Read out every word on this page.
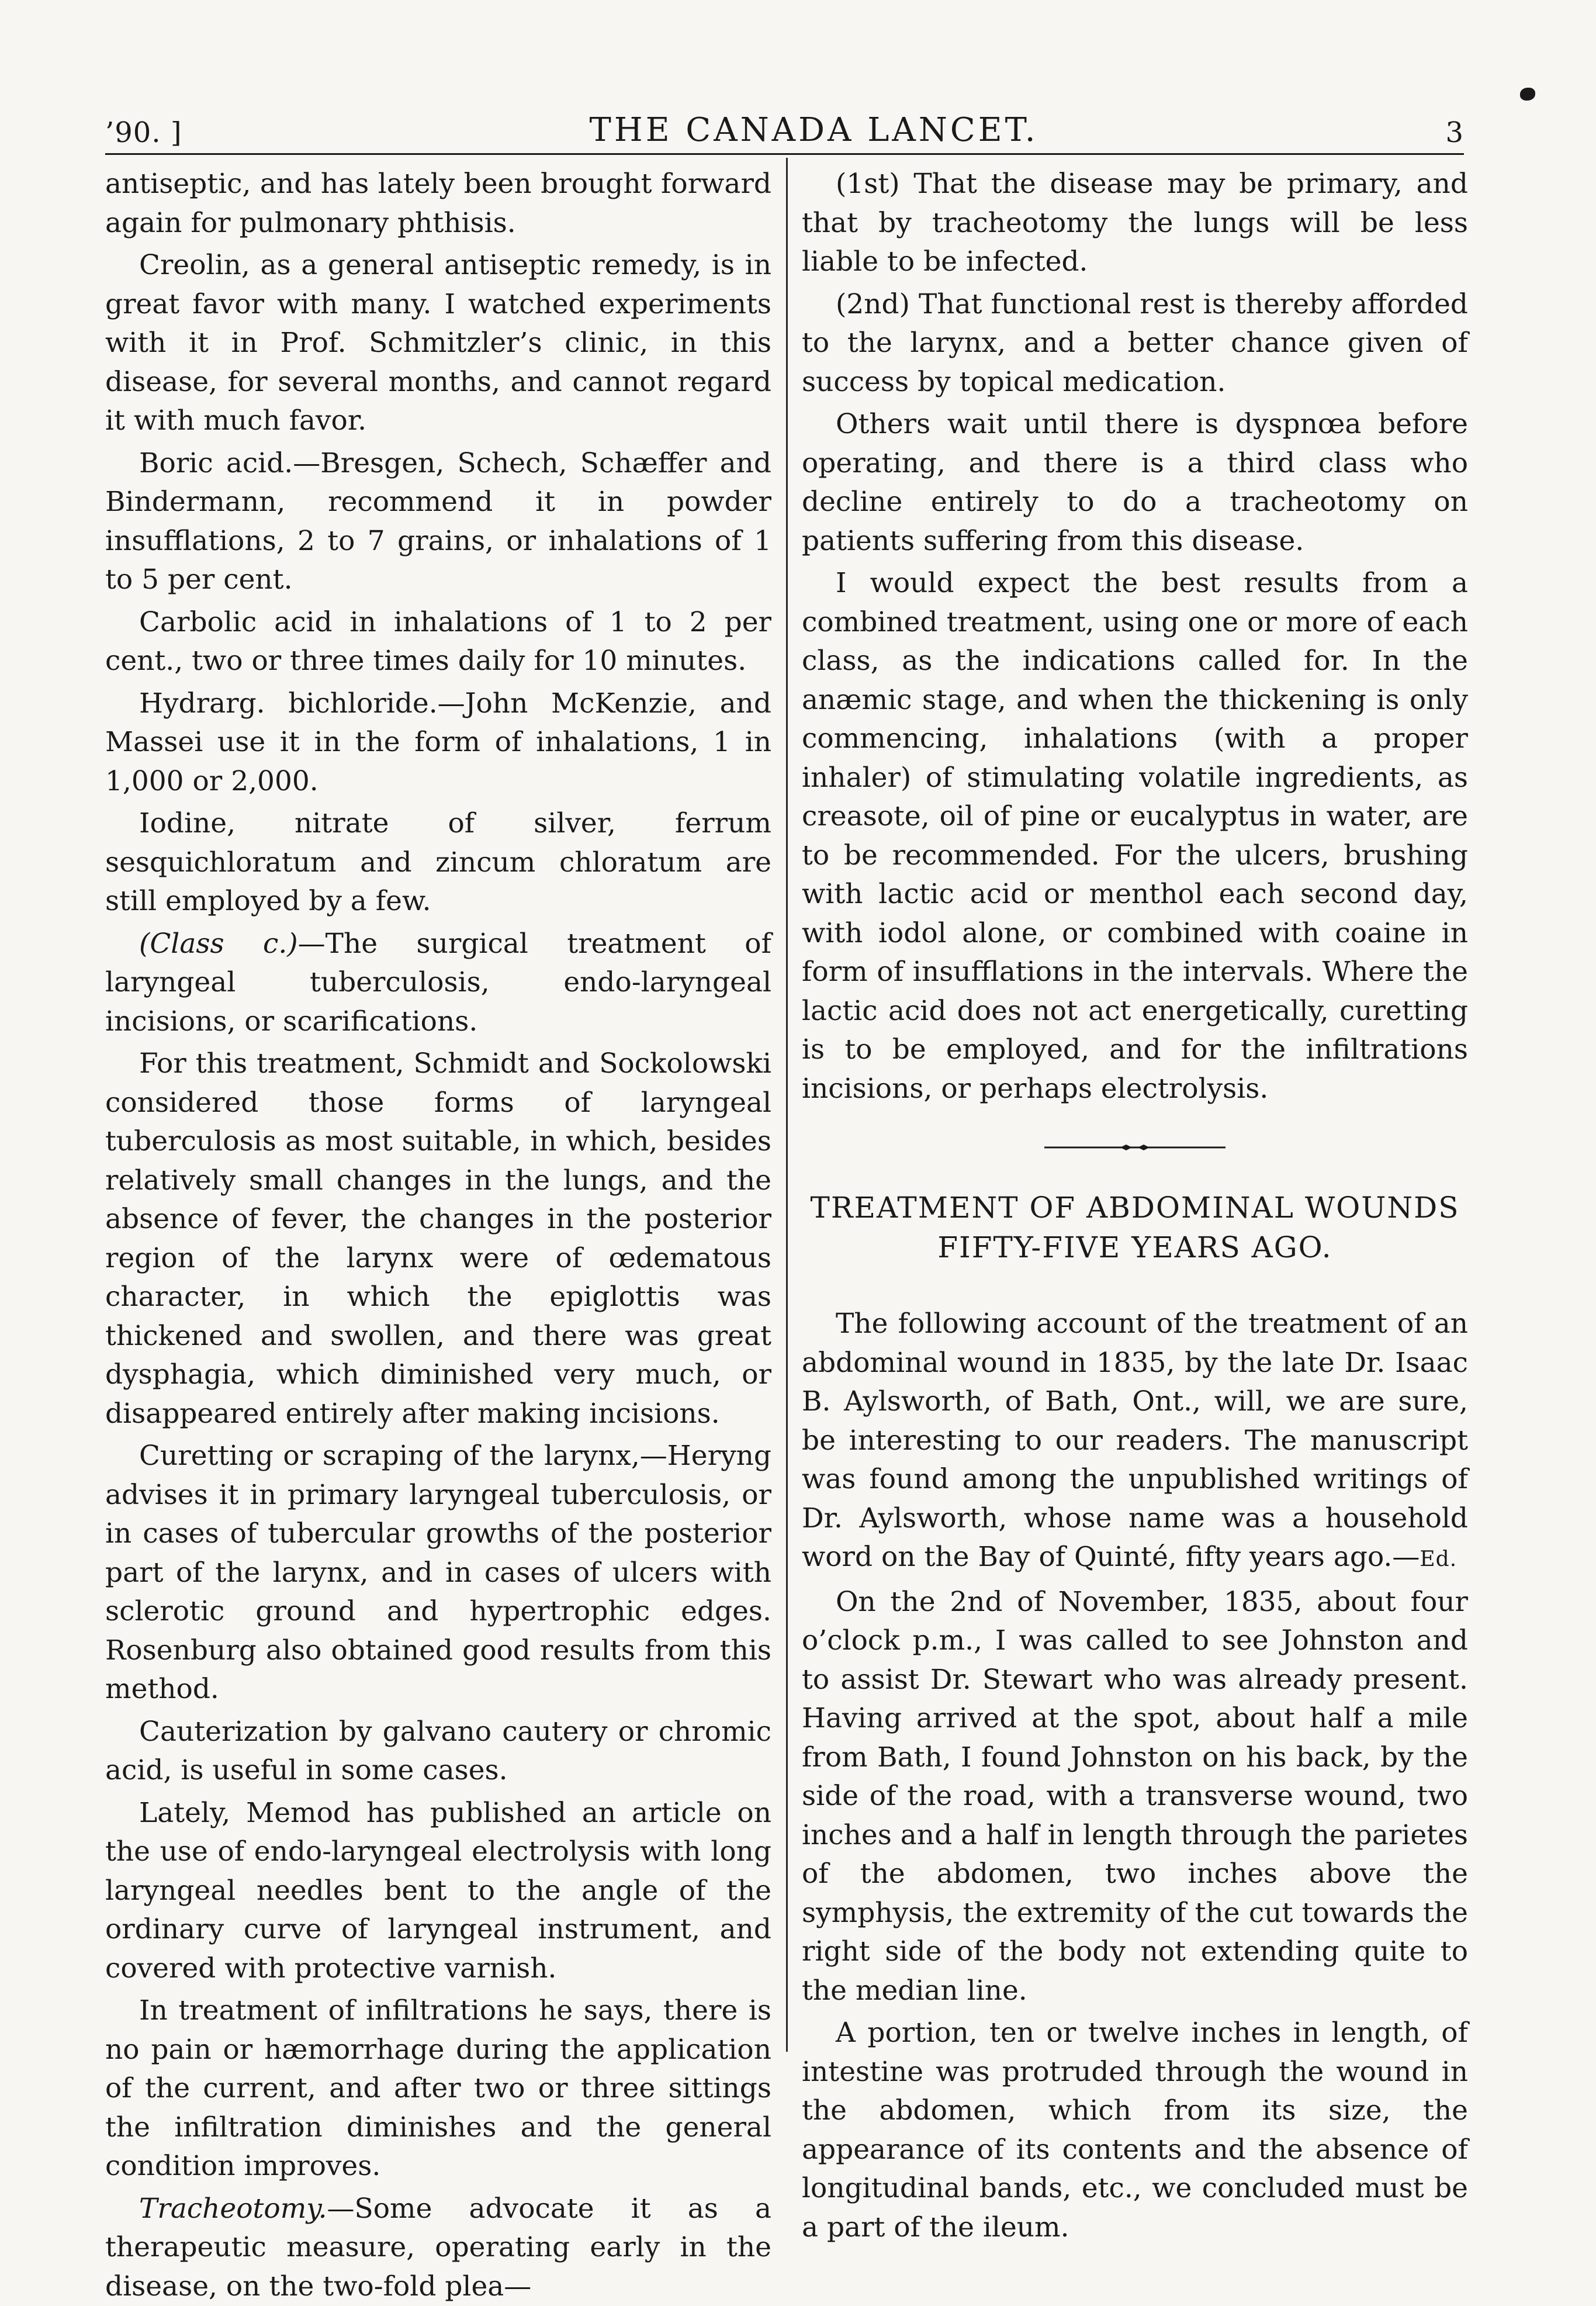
’90. ]	THE CANADA LANCET.	3

antiseptic, and has lately been brought forward again for pulmonary phthisis.

Creolin, as a general antiseptic remedy, is in great favor with many. I watched experiments with it in Prof. Schmitzler’s clinic, in this disease, for several months, and cannot regard it with much favor.

Boric acid.—Bresgen, Schech, Schæffer and Bindermann, recommend it in powder insufflations, 2 to 7 grains, or inhalations of 1 to 5 per cent.

Carbolic acid in inhalations of 1 to 2 per cent., two or three times daily for 10 minutes.

Hydrarg. bichloride.—John McKenzie, and Massei use it in the form of inhalations, 1 in 1,000 or 2,000.

Iodine, nitrate of silver, ferrum sesquichloratum and zincum chloratum are still employed by a few.

(Class c.)—The surgical treatment of laryngeal tuberculosis, endo-laryngeal incisions, or scarifications.

For this treatment, Schmidt and Sockolowski considered those forms of laryngeal tuberculosis as most suitable, in which, besides relatively small changes in the lungs, and the absence of fever, the changes in the posterior region of the larynx were of œdematous character, in which the epiglottis was thickened and swollen, and there was great dysphagia, which diminished very much, or disappeared entirely after making incisions.

Curetting or scraping of the larynx,—Heryng advises it in primary laryngeal tuberculosis, or in cases of tubercular growths of the posterior part of the larynx, and in cases of ulcers with sclerotic ground and hypertrophic edges. Rosenburg also obtained good results from this method.

Cauterization by galvano cautery or chromic acid, is useful in some cases.

Lately, Memod has published an article on the use of endo-laryngeal electrolysis with long laryngeal needles bent to the angle of the ordinary curve of laryngeal instrument, and covered with protective varnish.

In treatment of infiltrations he says, there is no pain or hæmorrhage during the application of the current, and after two or three sittings the infiltration diminishes and the general condition improves.

Tracheotomy.—Some advocate it as a therapeutic measure, operating early in the disease, on the two-fold plea—

(1st) That the disease may be primary, and that by tracheotomy the lungs will be less liable to be infected.

(2nd) That functional rest is thereby afforded to the larynx, and a better chance given of success by topical medication.

Others wait until there is dyspnœa before operating, and there is a third class who decline entirely to do a tracheotomy on patients suffering from this disease.

I would expect the best results from a combined treatment, using one or more of each class, as the indications called for. In the anæmic stage, and when the thickening is only commencing, inhalations (with a proper inhaler) of stimulating volatile ingredients, as creasote, oil of pine or eucalyptus in water, are to be recommended. For the ulcers, brushing with lactic acid or menthol each second day, with iodol alone, or combined with coaine in form of insufflations in the intervals. Where the lactic acid does not act energetically, curetting is to be employed, and for the infiltrations incisions, or perhaps electrolysis.

TREATMENT OF ABDOMINAL WOUNDS
FIFTY-FIVE YEARS AGO.

The following account of the treatment of an abdominal wound in 1835, by the late Dr. Isaac B. Aylsworth, of Bath, Ont., will, we are sure, be interesting to our readers. The manuscript was found among the unpublished writings of Dr. Aylsworth, whose name was a household word on the Bay of Quinté, fifty years ago.—Ed.

On the 2nd of November, 1835, about four o’clock p.m., I was called to see Johnston and to assist Dr. Stewart who was already present. Having arrived at the spot, about half a mile from Bath, I found Johnston on his back, by the side of the road, with a transverse wound, two inches and a half in length through the parietes of the abdomen, two inches above the symphysis, the extremity of the cut towards the right side of the body not extending quite to the median line.

A portion, ten or twelve inches in length, of intestine was protruded through the wound in the abdomen, which from its size, the appearance of its contents and the absence of longitudinal bands, etc., we concluded must be a part of the ileum.
